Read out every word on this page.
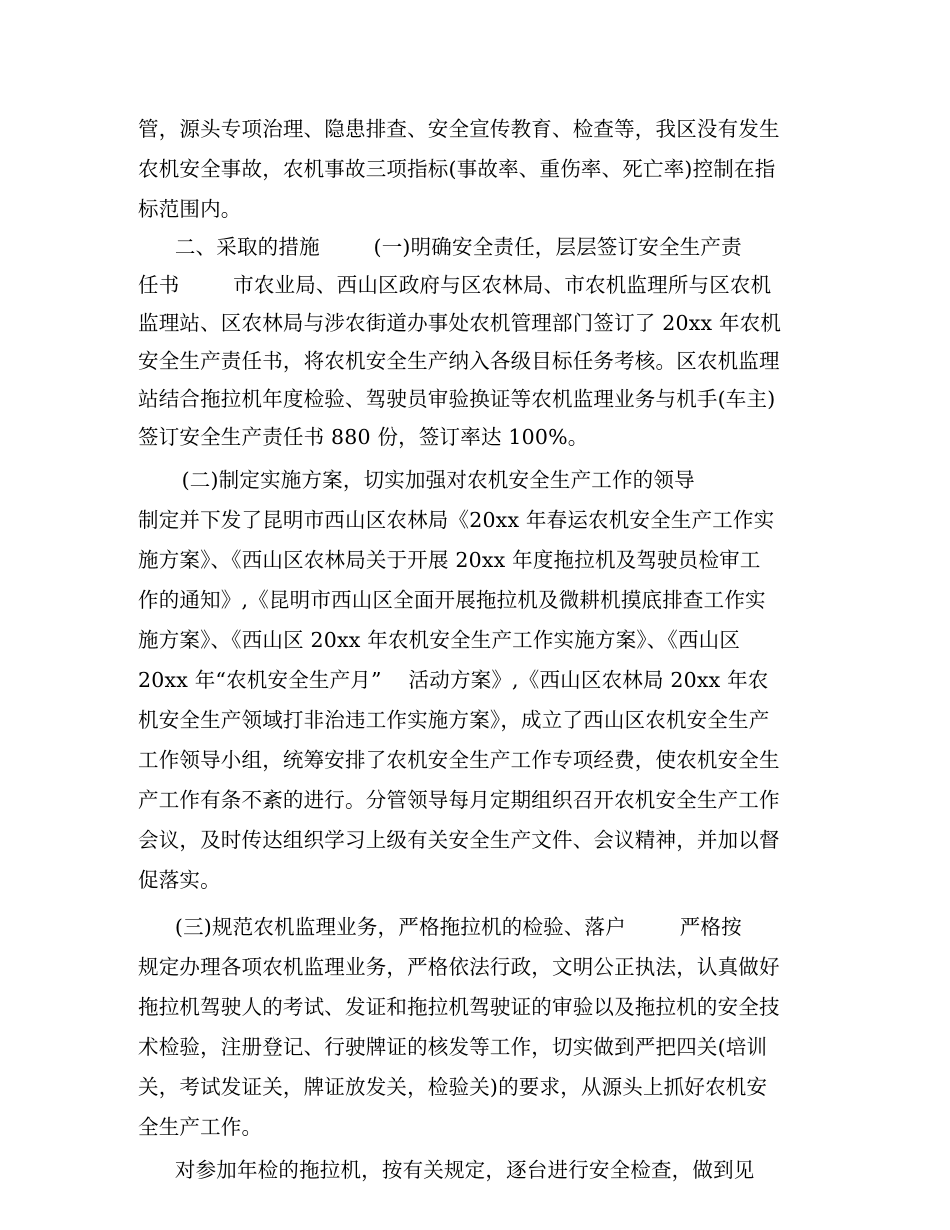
管，源头专项治理、隐患排查、安全宣传教育、检查等，我区没有发生
农机安全事故，农机事故三项指标(事故率、重伤率、死亡率)控制在指
标范围内。
二、采取的措施        (一)明确安全责任，层层签订安全生产责
任书        市农业局、西山区政府与区农林局、市农机监理所与区农机
监理站、区农林局与涉农街道办事处农机管理部门签订了 20xx 年农机
安全生产责任书，将农机安全生产纳入各级目标任务考核。区农机监理
站结合拖拉机年度检验、驾驶员审验换证等农机监理业务与机手(车主)
签订安全生产责任书 880 份，签订率达 100%。
(二)制定实施方案，切实加强对农机安全生产工作的领导
制定并下发了昆明市西山区农林局《20xx 年春运农机安全生产工作实
施方案》、《西山区农林局关于开展 20xx 年度拖拉机及驾驶员检审工
作的通知》,《昆明市西山区全面开展拖拉机及微耕机摸底排查工作实
施方案》、《西山区 20xx 年农机安全生产工作实施方案》、《西山区
20xx 年“农机安全生产月”    活动方案》,《西山区农林局 20xx 年农
机安全生产领域打非治违工作实施方案》，成立了西山区农机安全生产
工作领导小组，统筹安排了农机安全生产工作专项经费，使农机安全生
产工作有条不紊的进行。分管领导每月定期组织召开农机安全生产工作
会议，及时传达组织学习上级有关安全生产文件、会议精神，并加以督
促落实。
(三)规范农机监理业务，严格拖拉机的检验、落户        严格按
规定办理各项农机监理业务，严格依法行政，文明公正执法，认真做好
拖拉机驾驶人的考试、发证和拖拉机驾驶证的审验以及拖拉机的安全技
术检验，注册登记、行驶牌证的核发等工作，切实做到严把四关(培训
关，考试发证关，牌证放发关，检验关)的要求，从源头上抓好农机安
全生产工作。
对参加年检的拖拉机，按有关规定，逐台进行安全检查，做到见
